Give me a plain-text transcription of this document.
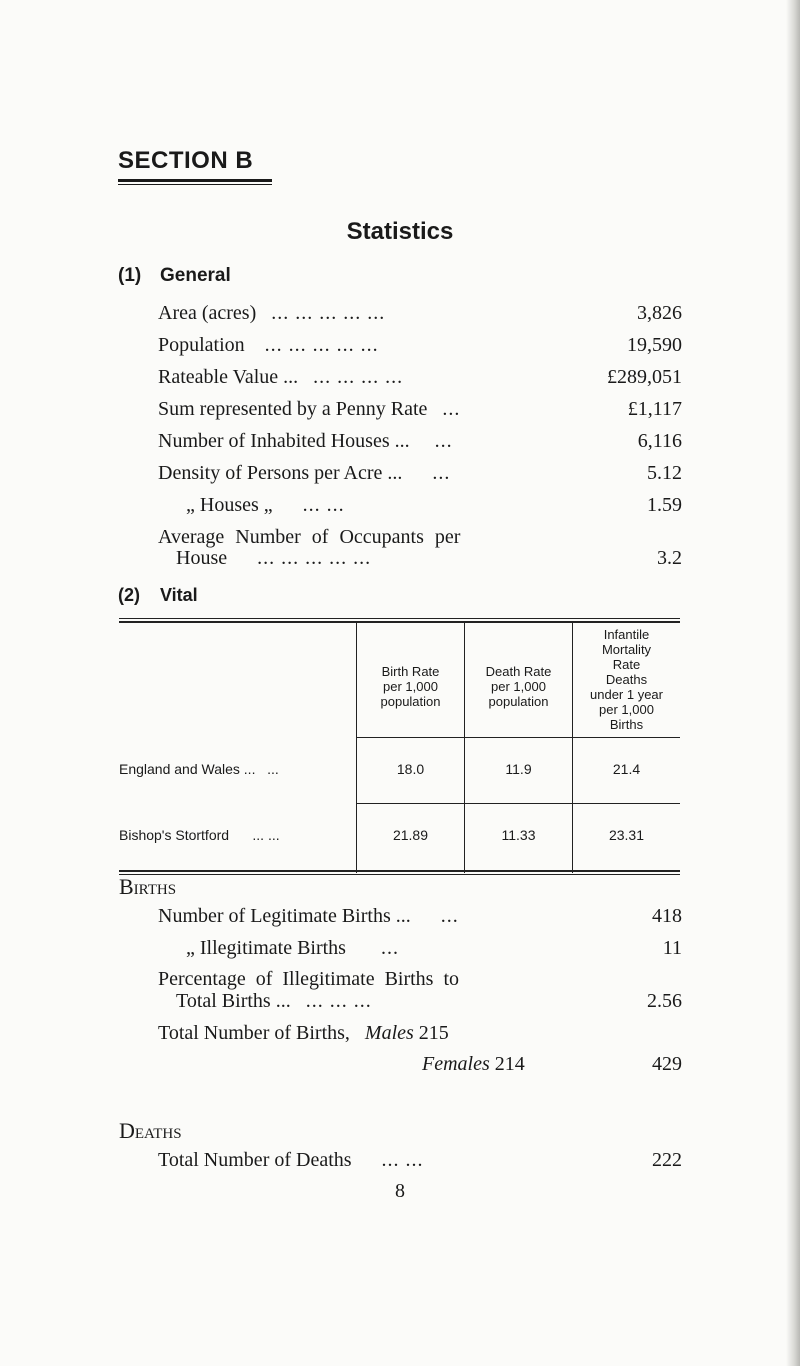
SECTION B
Statistics
(1) General
Area (acres) ... ... ... ... ...	3,826
Population ... ... ... ... ...	19,590
Rateable Value ... ... ... ... ...	£289,051
Sum represented by a Penny Rate ...	£1,117
Number of Inhabited Houses ... ...	6,116
Density of Persons per Acre ... ...	5.12
„ Houses „ ... ...	1.59
Average Number of Occupants per
House ... ... ... ... ...	3.2
(2) Vital
Birth Rate
per 1,000
population
Death Rate
per 1,000
population
Infantile
Mortality
Rate
Deaths
under 1 year
per 1,000
Births
England and Wales ... ...	18.0	11.9	21.4
Bishop's Stortford ... ...	21.89	11.33	23.31
Births
Number of Legitimate Births ... ...	418
„ Illegitimate Births ...	11
Percentage of Illegitimate Births to
Total Births ... ... ... ...	2.56
Total Number of Births, Males 215
Females 214	429
Deaths
Total Number of Deaths ... ...	222
8
